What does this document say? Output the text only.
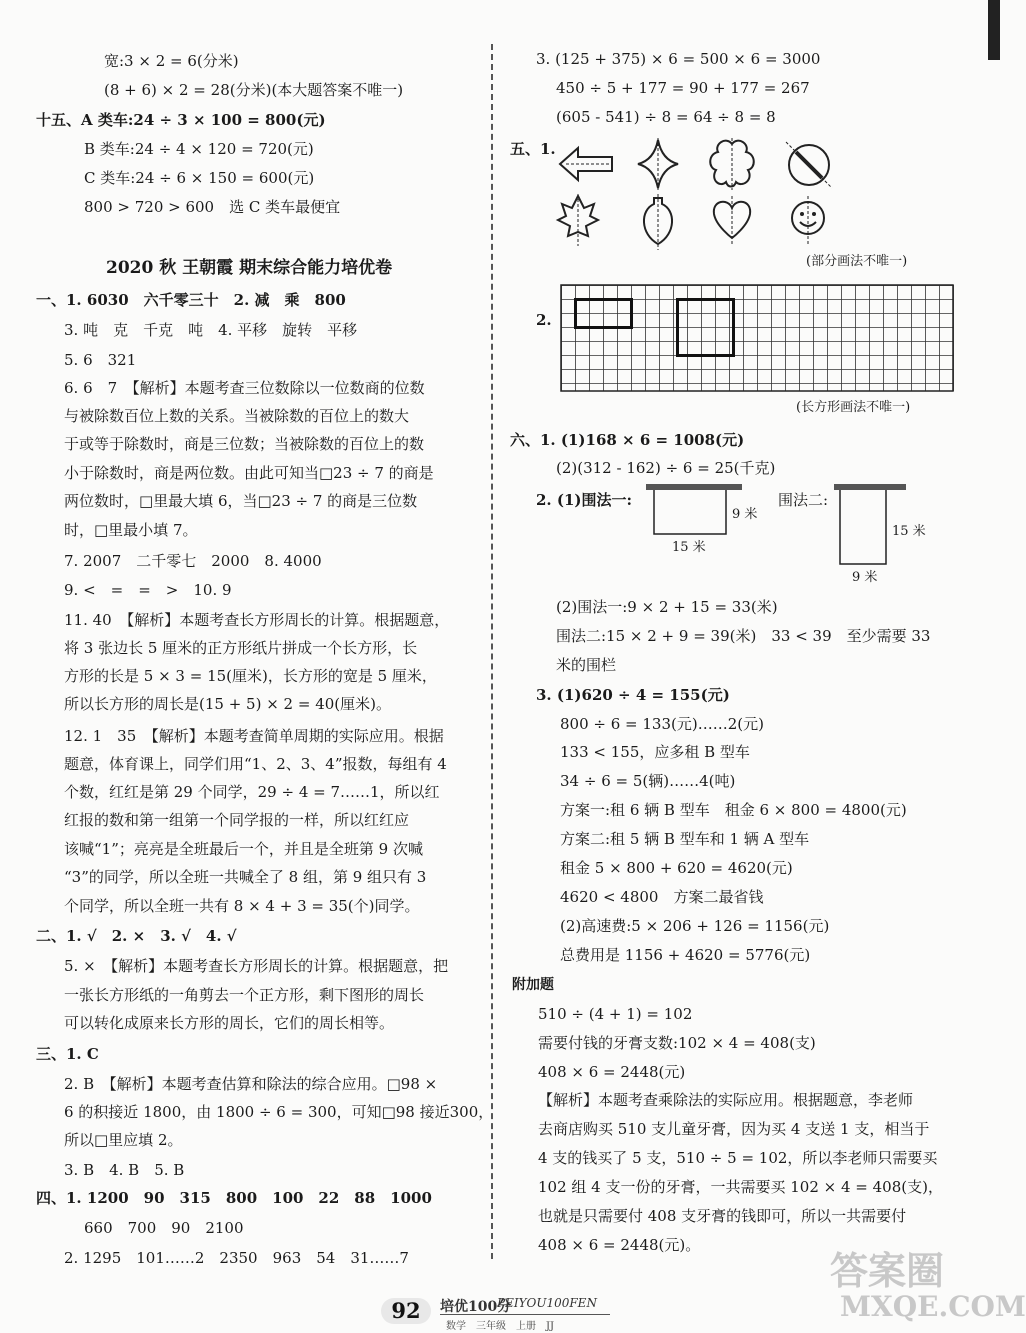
宽:3 × 2 = 6(分米)
(8 + 6) × 2 = 28(分米)(本大题答案不唯一)
十五、A 类车:24 ÷ 3 × 100 = 800(元)
B 类车:24 ÷ 4 × 120 = 720(元)
C 类车:24 ÷ 6 × 150 = 600(元)
800 > 720 > 600　选 C 类车最便宜
2020 秋 王朝霞 期末综合能力培优卷
一、1. 6030　六千零三十　2. 减　乘　800
3. 吨　克　千克　吨　4. 平移　旋转　平移
5. 6　321
6. 6　7　【解析】本题考查三位数除以一位数商的位数
与被除数百位上数的关系。当被除数的百位上的数大
于或等于除数时，商是三位数；当被除数的百位上的数
小于除数时，商是两位数。由此可知当□23 ÷ 7 的商是
两位数时，□里最大填 6，当□23 ÷ 7 的商是三位数
时，□里最小填 7。
7. 2007　二千零七　2000　8. 4000
9. <　=　=　>　10. 9
11. 40　【解析】本题考查长方形周长的计算。根据题意，
将 3 张边长 5 厘米的正方形纸片拼成一个长方形，长
方形的长是 5 × 3 = 15(厘米)，长方形的宽是 5 厘米，
所以长方形的周长是(15 + 5) × 2 = 40(厘米)。
12. 1　35　【解析】本题考查简单周期的实际应用。根据
题意，体育课上，同学们用“1、2、3、4”报数，每组有 4
个数，红红是第 29 个同学，29 ÷ 4 = 7……1，所以红
红报的数和第一组第一个同学报的一样，所以红红应
该喊“1”；亮亮是全班最后一个，并且是全班第 9 次喊
“3”的同学，所以全班一共喊全了 8 组，第 9 组只有 3
个同学，所以全班一共有 8 × 4 + 3 = 35(个)同学。
二、1. √　2. ×　3. √　4. √
5. ×　【解析】本题考查长方形周长的计算。根据题意，把
一张长方形纸的一角剪去一个正方形，剩下图形的周长
可以转化成原来长方形的周长，它们的周长相等。
三、1. C
2. B　【解析】本题考查估算和除法的综合应用。□98 ×
6 的积接近 1800，由 1800 ÷ 6 = 300，可知□98 接近300，
所以□里应填 2。
3. B　4. B　5. B
四、1. 1200　90　315　800　100　22　88　1000
660　700　90　2100
2. 1295　101……2　2350　963　54　31……7
3. (125 + 375) × 6 = 500 × 6 = 3000
450 ÷ 5 + 177 = 90 + 177 = 267
(605 - 541) ÷ 8 = 64 ÷ 8 = 8
五、1.
(部分画法不唯一)
2.
(长方形画法不唯一)
六、1. (1)168 × 6 = 1008(元)
(2)(312 - 162) ÷ 6 = 25(千克)
2. (1)围法一:	围法二:
9 米
15 米
15 米
9 米
(2)围法一:9 × 2 + 15 = 33(米)
围法二:15 × 2 + 9 = 39(米)　33 < 39　至少需要 33
米的围栏
3. (1)620 ÷ 4 = 155(元)
800 ÷ 6 = 133(元)……2(元)
133 < 155，应多租 B 型车
34 ÷ 6 = 5(辆)……4(吨)
方案一:租 6 辆 B 型车　租金 6 × 800 = 4800(元)
方案二:租 5 辆 B 型车和 1 辆 A 型车
租金 5 × 800 + 620 = 4620(元)
4620 < 4800　方案二最省钱
(2)高速费:5 × 206 + 126 = 1156(元)
总费用是 1156 + 4620 = 5776(元)
附加题
510 ÷ (4 + 1) = 102
需要付钱的牙膏支数:102 × 4 = 408(支)
408 × 6 = 2448(元)
【解析】本题考查乘除法的实际应用。根据题意，李老师
去商店购买 510 支儿童牙膏，因为买 4 支送 1 支，相当于
4 支的钱买了 5 支，510 ÷ 5 = 102，所以李老师只需要买
102 组 4 支一份的牙膏，一共需要买 102 × 4 = 408(支)，
也就是只需要付 408 支牙膏的钱即可，所以一共需要付
408 × 6 = 2448(元)。
答案圈
MXQE.COM
92	培优100分
PEIYOU100FEN
数学　三年级　上册　JJ
